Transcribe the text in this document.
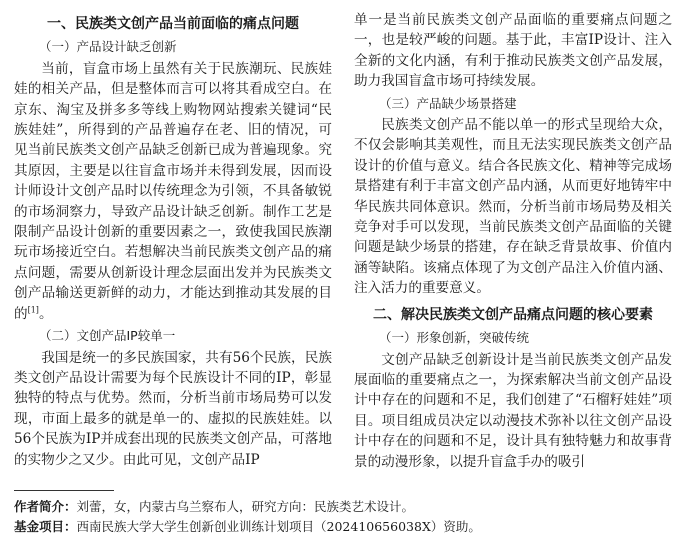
一、民族类文创产品当前面临的痛点问题
（一）产品设计缺乏创新

当前，盲盒市场上虽然有关于民族潮玩、民族娃娃的相关产品，但是整体而言可以将其看成空白。在京东、淘宝及拼多多等线上购物网站搜索关键词“民族娃娃”，所得到的产品普遍存在老、旧的情况，可见当前民族类文创产品缺乏创新已成为普遍现象。究其原因，主要是以往盲盒市场并未得到发展，因而设计师设计文创产品时以传统理念为引领，不具备敏锐的市场洞察力，导致产品设计缺乏创新。制作工艺是限制产品设计创新的重要因素之一，致使我国民族潮玩市场接近空白。若想解决当前民族类文创产品的痛点问题，需要从创新设计理念层面出发并为民族类文创产品输送更新鲜的动力，才能达到推动其发展的目的[1]。

（二）文创产品IP较单一

我国是统一的多民族国家，共有56个民族，民族类文创产品设计需要为每个民族设计不同的IP，彰显独特的特点与优势。然而，分析当前市场局势可以发现，市面上最多的就是单一的、虚拟的民族娃娃。以56个民族为IP并成套出现的民族类文创产品，可落地的实物少之又少。由此可见，文创产品IP

单一是当前民族类文创产品面临的重要痛点问题之一，也是较严峻的问题。基于此，丰富IP设计、注入全新的文化内涵，有利于推动民族类文创产品发展，助力我国盲盒市场可持续发展。

（三）产品缺少场景搭建

民族类文创产品不能以单一的形式呈现给大众，不仅会影响其美观性，而且无法实现民族类文创产品设计的价值与意义。结合各民族文化、精神等完成场景搭建有利于丰富文创产品内涵，从而更好地铸牢中华民族共同体意识。然而，分析当前市场局势及相关竞争对手可以发现，当前民族类文创产品面临的关键问题是缺少场景的搭建，存在缺乏背景故事、价值内涵等缺陷。该痛点体现了为文创产品注入价值内涵、注入活力的重要意义。

二、解决民族类文创产品痛点问题的核心要素
（一）形象创新，突破传统

文创产品缺乏创新设计是当前民族类文创产品发展面临的重要痛点之一，为探索解决当前文创产品设计中存在的问题和不足，我们创建了“石榴籽娃娃”项目。项目组成员决定以动漫技术弥补以往文创产品设计中存在的问题和不足，设计具有独特魅力和故事背景的动漫形象，以提升盲盒手办的吸引

作者简介：刘蕾，女，内蒙古乌兰察布人，研究方向：民族类艺术设计。
基金项目：西南民族大学大学生创新创业训练计划项目（202410656038X）资助。
